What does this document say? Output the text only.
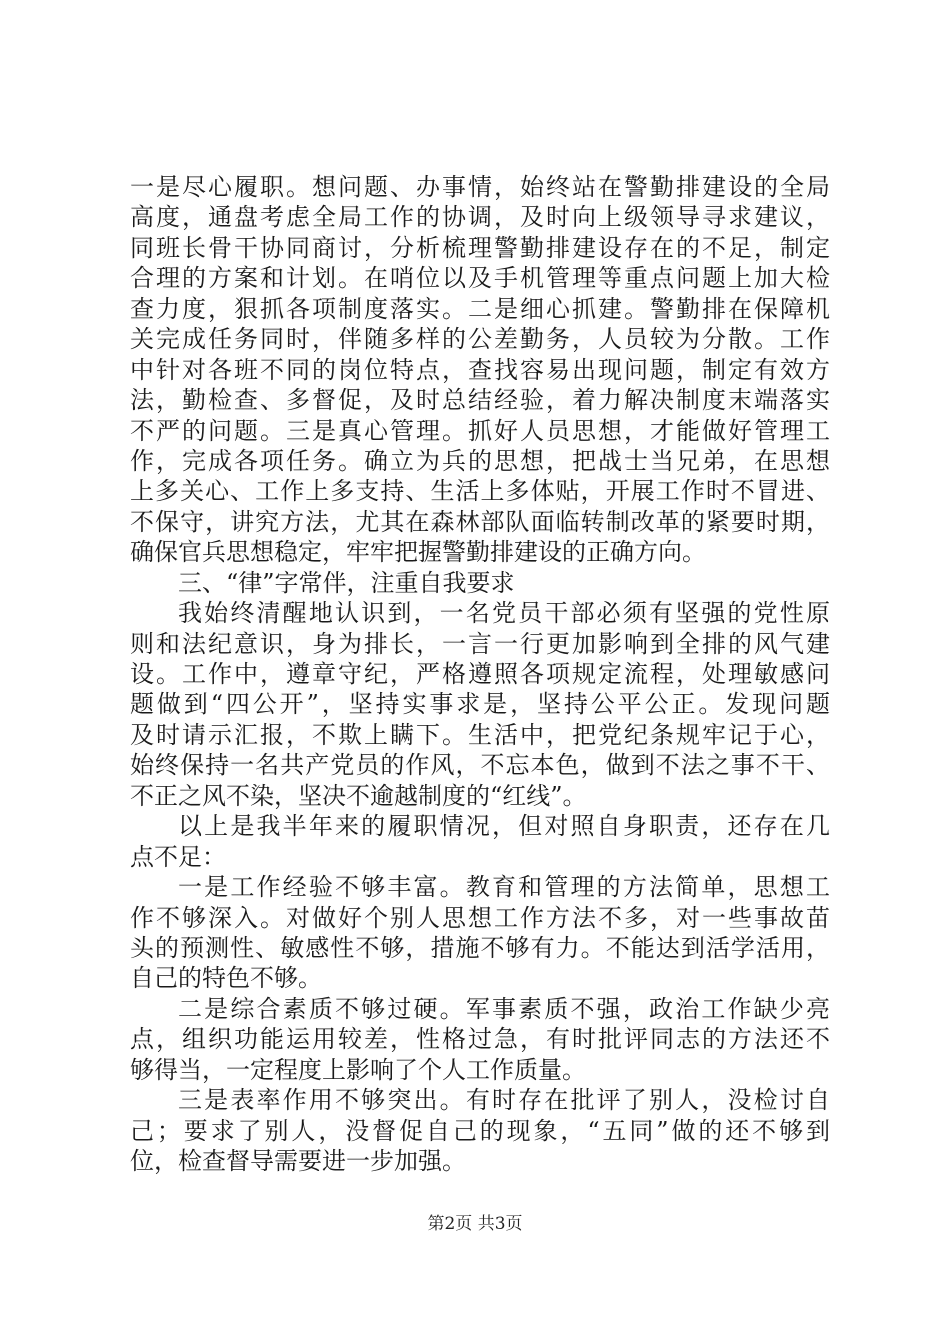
一是尽心履职。想问题、办事情，始终站在警勤排建设的全局
高度，通盘考虑全局工作的协调，及时向上级领导寻求建议，
同班长骨干协同商讨，分析梳理警勤排建设存在的不足，制定
合理的方案和计划。在哨位以及手机管理等重点问题上加大检
查力度，狠抓各项制度落实。二是细心抓建。警勤排在保障机
关完成任务同时，伴随多样的公差勤务，人员较为分散。工作
中针对各班不同的岗位特点，查找容易出现问题，制定有效方
法，勤检查、多督促，及时总结经验，着力解决制度末端落实
不严的问题。三是真心管理。抓好人员思想，才能做好管理工
作，完成各项任务。确立为兵的思想，把战士当兄弟，在思想
上多关心、工作上多支持、生活上多体贴，开展工作时不冒进、
不保守，讲究方法，尤其在森林部队面临转制改革的紧要时期，
确保官兵思想稳定，牢牢把握警勤排建设的正确方向。
三、“律”字常伴，注重自我要求
我始终清醒地认识到，一名党员干部必须有坚强的党性原
则和法纪意识，身为排长，一言一行更加影响到全排的风气建
设。工作中，遵章守纪，严格遵照各项规定流程，处理敏感问
题做到“四公开”，坚持实事求是，坚持公平公正。发现问题
及时请示汇报，不欺上瞒下。生活中，把党纪条规牢记于心，
始终保持一名共产党员的作风，不忘本色，做到不法之事不干、
不正之风不染，坚决不逾越制度的“红线”。
以上是我半年来的履职情况，但对照自身职责，还存在几
点不足：
一是工作经验不够丰富。教育和管理的方法简单，思想工
作不够深入。对做好个别人思想工作方法不多，对一些事故苗
头的预测性、敏感性不够，措施不够有力。不能达到活学活用，
自己的特色不够。
二是综合素质不够过硬。军事素质不强，政治工作缺少亮
点，组织功能运用较差，性格过急，有时批评同志的方法还不
够得当，一定程度上影响了个人工作质量。
三是表率作用不够突出。有时存在批评了别人，没检讨自
己；要求了别人，没督促自己的现象，“五同”做的还不够到
位，检查督导需要进一步加强。
第2页 共3页
